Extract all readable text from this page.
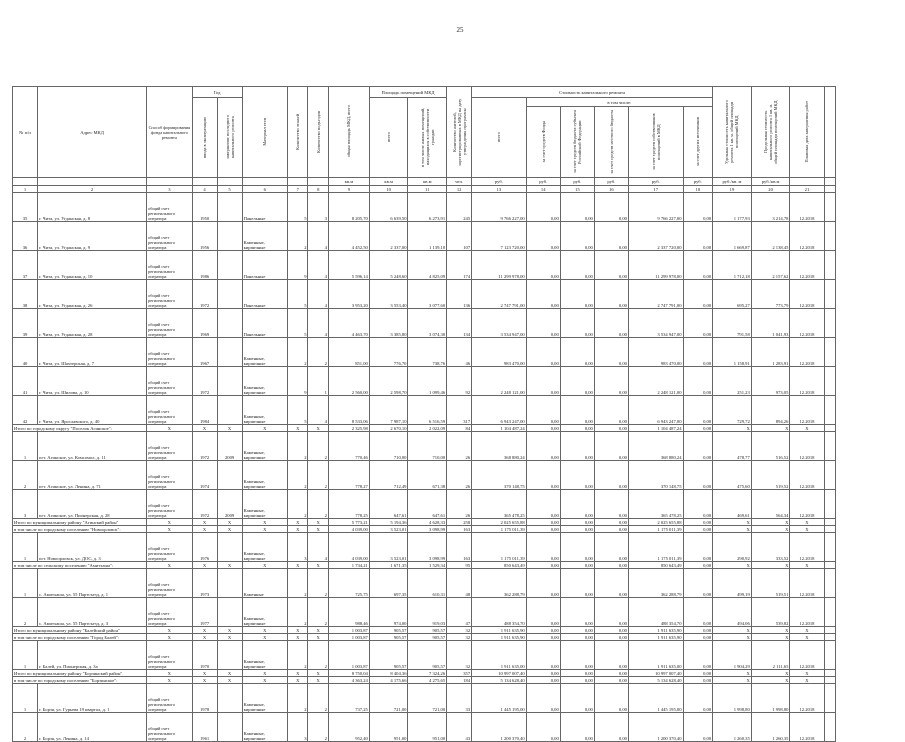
25
№ п/п	Адрес МКД	Способ формирования фонда капитального ремонта	Год		Материал стен	Количество этажей	Количество подъездов	общая площадь МКД, всего	Площадь помещений МКД		Количество жителей, зарегистрированных в МКД на дату утверждения программы	Стоимость капитального ремонта						Удельная стоимость капитального ремонта 1 кв. м. общей площади помещений МКД	Предельная стоимость капитального ремонта 1 кв. м. общей площади помещений МКД	Плановая дата завершения работ	
			ввода в эксплуатацию	завершение последнего капитального ремонта					всего	в том числе жилых помещений, находящихся в собственности граждан		всего	в том числе:								
													за счет средств Фонда	за счет средств бюджета субъекта Российской Федерации	за счет средств местного бюджета	за счет средств собственников помещений в МКД	за счет других источников				
								кв.м	кв.м	кв.м	чел.	руб.	руб.	руб.	руб.	руб.	руб.	руб./кв. м	руб./кв.м		
1	2	3	4	5	6	7	8	9	10	11	12	13	14	15	16	17	18	19	20	21	
35	г. Чита, ул. Угданская, д. 8	общий счет регионального оператора	1950		Панельные	5	3	8 205,70	6 639,50	6 273,91	245	9 766 227,00	0,00	0,00	0,00	9 766 227,00	0,00	1 177,93	3 214,78	12.2018	
36	г. Чита, ул. Угданская, д. 9	общий счет регионального оператора	1956		Каменные, кирпичные	2	4	4 452,50	2 337,00	1 139,10	107	7 123 720,00	0,00	0,00	0,00	2 337 720,00	0,00	1 669,87	2 138,45	12.2018	
37	г. Чита, ул. Угданская, д. 10	общий счет регионального оператора	1986		Панельные	9	4	5 596,14	5 248,60	4 825,09	174	11 299 978,00	0,00	0,00	0,00	11 299 978,00	0,00	1 712,18	2 157,62	12.2018	
38	г. Чита, ул. Угданская, д. 26	общий счет регионального оператора	1972		Панельные	5	4	3 953,20	3 553,40	3 077,60	136	2 747 791,00	0,00	0,00	0,00	2 747 791,00	0,00	695,27	773,79	12.2018	
39	г. Чита, ул. Угданская, д. 28	общий счет регионального оператора	1969		Панельные	5	4	4 463,70	3 385,80	3 074,30	134	3 534 947,00	0,00	0,00	0,00	3 534 947,00	0,00	791,58	1 041,93	12.2018	
40	г. Чита, ул. Шахтерская, д. 7	общий счет регионального оператора	1967		Каменные, кирпичные	2	2	851,00	776,70	738,76	46	983 470,00	0,00	0,00	0,00	983 470,00	0,00	1 158,91	1 283,91	12.2018	
41	г. Чита, ул. Шилова, д. 10	общий счет регионального оператора	1972		Каменные, кирпичные	9	1	2 560,00	2 598,70	1 099,46	92	2 248 121,00	0,00	0,00	0,00	2 248 121,00	0,00	251,23	973,05	12.2018	
42	г. Чита, ул. Ярославского, д. 40	общий счет регионального оператора	1984		Каменные, кирпичные	5	4	8 533,06	7 987,10	6 516,59	317	6 943 247,00	0,00	0,00	0,00	6 943 247,00	0,00	729,72	894,26	12.2018	
Итого по городскому округу "Поселок Агинское":		X	X	X	X	X	X	2 325,98	2 670,10	2 022,09	84	1 104 487,24	0,00	0,00	0,00	1 104 487,24	0,00	X	X	X	
1	пгт. Агинское, ул. Комсомол, д. 11	общий счет регионального оператора	1972	2009	Каменные, кирпичные	2	2	770,46	710,00	710,00	26	368 880,24	0,00	0,00	0,00	368 880,24	0,00	478,77	516,52	12.2018	
2	пгт. Агинское, ул. Ленина, д. 71	общий счет регионального оператора	1974		Каменные, кирпичные	2	2	778,27	712,49	671,38	26	370 148,75	0,00	0,00	0,00	370 148,75	0,00	475,60	519,52	12.2018	
3	пгт. Агинское, ул. Пионерская, д. 28	общий счет регионального оператора	1972	2009	Каменные, кирпичные	2	2	778,25	647,61	647,61	26	365 478,25	0,00	0,00	0,00	365 478,25	0,00	469,61	564,34	12.2018	
Итого по муниципальному району "Агинский район"		X	X	X	X	X	X	5 773,21	5 194,36	4 628,33	258	2 025 655,88	0,00	0,00	0,00	2 025 655,88	0,00	X	X	X	
в том числе по городскому поселению "Новоорловск":		X	X	X	X	X	X	4 039,00	3 523,01	3 098,99	163	1 175 011,39	0,00	0,00	0,00	1 175 011,39	0,00	X	X	X	
1	пгт. Новоорловск, ул. ДОС, д. 3	общий счет регионального оператора	1976		Каменные, кирпичные	3	4	4 039,00	3 523,01	3 098,99	163	1 175 011,39	0,00	0,00	0,00	1 175 011,39	0,00	290,92	333,52	12.2018	
в том числе по сельскому поселению "Амитхаша":		X	X	X	X	X	X	1 734,21	1 671,35	1 529,34	95	850 643,49	0,00	0,00	0,00	850 643,49	0,00	X	X	X	
1	с. Амитхаша, ул. 55 Партсъезд, д. 1	общий счет регионального оператора	1973		Каменные	2	2	725,75	697,35	610,31	48	362 288,79	0,00	0,00	0,00	362 288,79	0,00	499,19	519,51	12.2018	
2	с. Амитхаша, ул. 55 Партсъезд, д. 3	общий счет регионального оператора	1977		Каменные, кирпичные	2	2	988,46	974,00	919,03	47	488 354,70	0,00	0,00	0,00	488 354,70	0,00	494,06	539,82	12.2018	
Итого по муниципальному району "Балейский район"		X	X	X	X	X	X	1 003,87	905,57	905,57	32	1 911 635,90	0,00	0,00	0,00	1 911 635,90	0,00	X	X	X	
в том числе по городскому поселению "Город Балей":		X	X	X	X	X	X	1 003,87	905,57	905,57	32	1 911 635,90	0,00	0,00	0,00	1 911 635,90	0,00	X	X	X	
1	г. Балей, ул. Пионерская, д. 3а	общий счет регионального оператора	1970		Каменные, кирпичные	2	2	1 003,87	905,57	905,57	32	1 911 635,00	0,00	0,00	0,00	1 911 635,00	0,00	1 904,29	2 111,65	12.2018	
Итого по муниципальному району "Борзинский район"		X	X	X	X	X	X	8 750,04	8 404,36	7 324,26	357	10 997 007,40	0,00	0,00	0,00	10 997 007,40	0,00	X	X	X	
в том числе по городскому поселению "Борзинское":		X	X	X	X	X	X	4 363,24	4 175,66	4 275,65	184	5 134 628,40	0,00	0,00	0,00	5 134 628,40	0,00	X	X	X	
1	г. Борзя, ул. Гурьева 19 квартал, д. 1	общий счет регионального оператора	1978		Каменные, кирпичные	2	2	737,25	721,00	721,00	33	1 445 195,00	0,00	0,00	0,00	1 445 195,00	0,00	1 998,80	1 998,80	12.2018	
2	г. Борзя, ул. Ленина, д. 14	общий счет регионального оператора	1961		Каменные, кирпичные	3	2	952,40	951,00	951,00	43	1 200 370,40	0,00	0,00	0,00	1 200 370,40	0,00	1 260,35	1 260,35	12.2018	
